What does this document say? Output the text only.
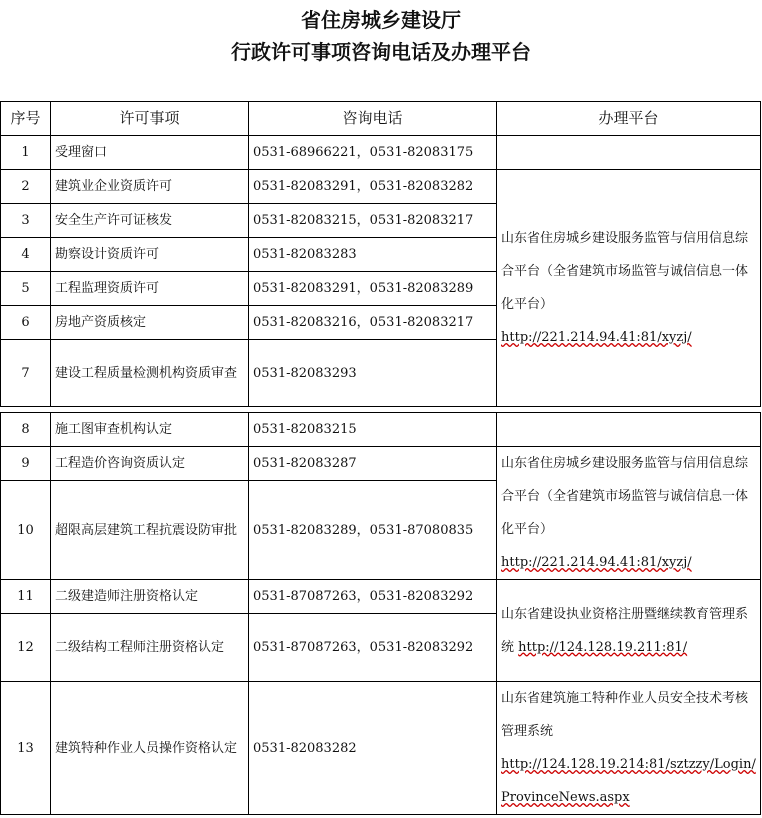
省住房城乡建设厅
行政许可事项咨询电话及办理平台
序号	许可事项	咨询电话	办理平台
1	受理窗口	0531-68966221，0531-82083175	
2	建筑业企业资质许可	0531-82083291，0531-82083282	山东省住房城乡建设服务监管与信用信息综合平台（全省建筑市场监管与诚信信息一体化平台）
http://221.214.94.41:81/xyzj/
3	安全生产许可证核发	0531-82083215，0531-82083217	
4	勘察设计资质许可	0531-82083283	
5	工程监理资质许可	0531-82083291，0531-82083289	
6	房地产资质核定	0531-82083216，0531-82083217	
7	建设工程质量检测机构资质审查	0531-82083293	
8	施工图审查机构认定	0531-82083215	
9	工程造价咨询资质认定	0531-82083287	山东省住房城乡建设服务监管与信用信息综合平台（全省建筑市场监管与诚信信息一体化平台）
http://221.214.94.41:81/xyzj/
10	超限高层建筑工程抗震设防审批	0531-82083289，0531-87080835	
11	二级建造师注册资格认定	0531-87087263，0531-82083292	山东省建设执业资格注册暨继续教育管理系统 http://124.128.19.211:81/
12	二级结构工程师注册资格认定	0531-87087263，0531-82083292	
13	建筑特种作业人员操作资格认定	0531-82083282	山东省建筑施工特种作业人员安全技术考核管理系统
http://124.128.19.214:81/sztzzy/Login/ProvinceNews.aspx
